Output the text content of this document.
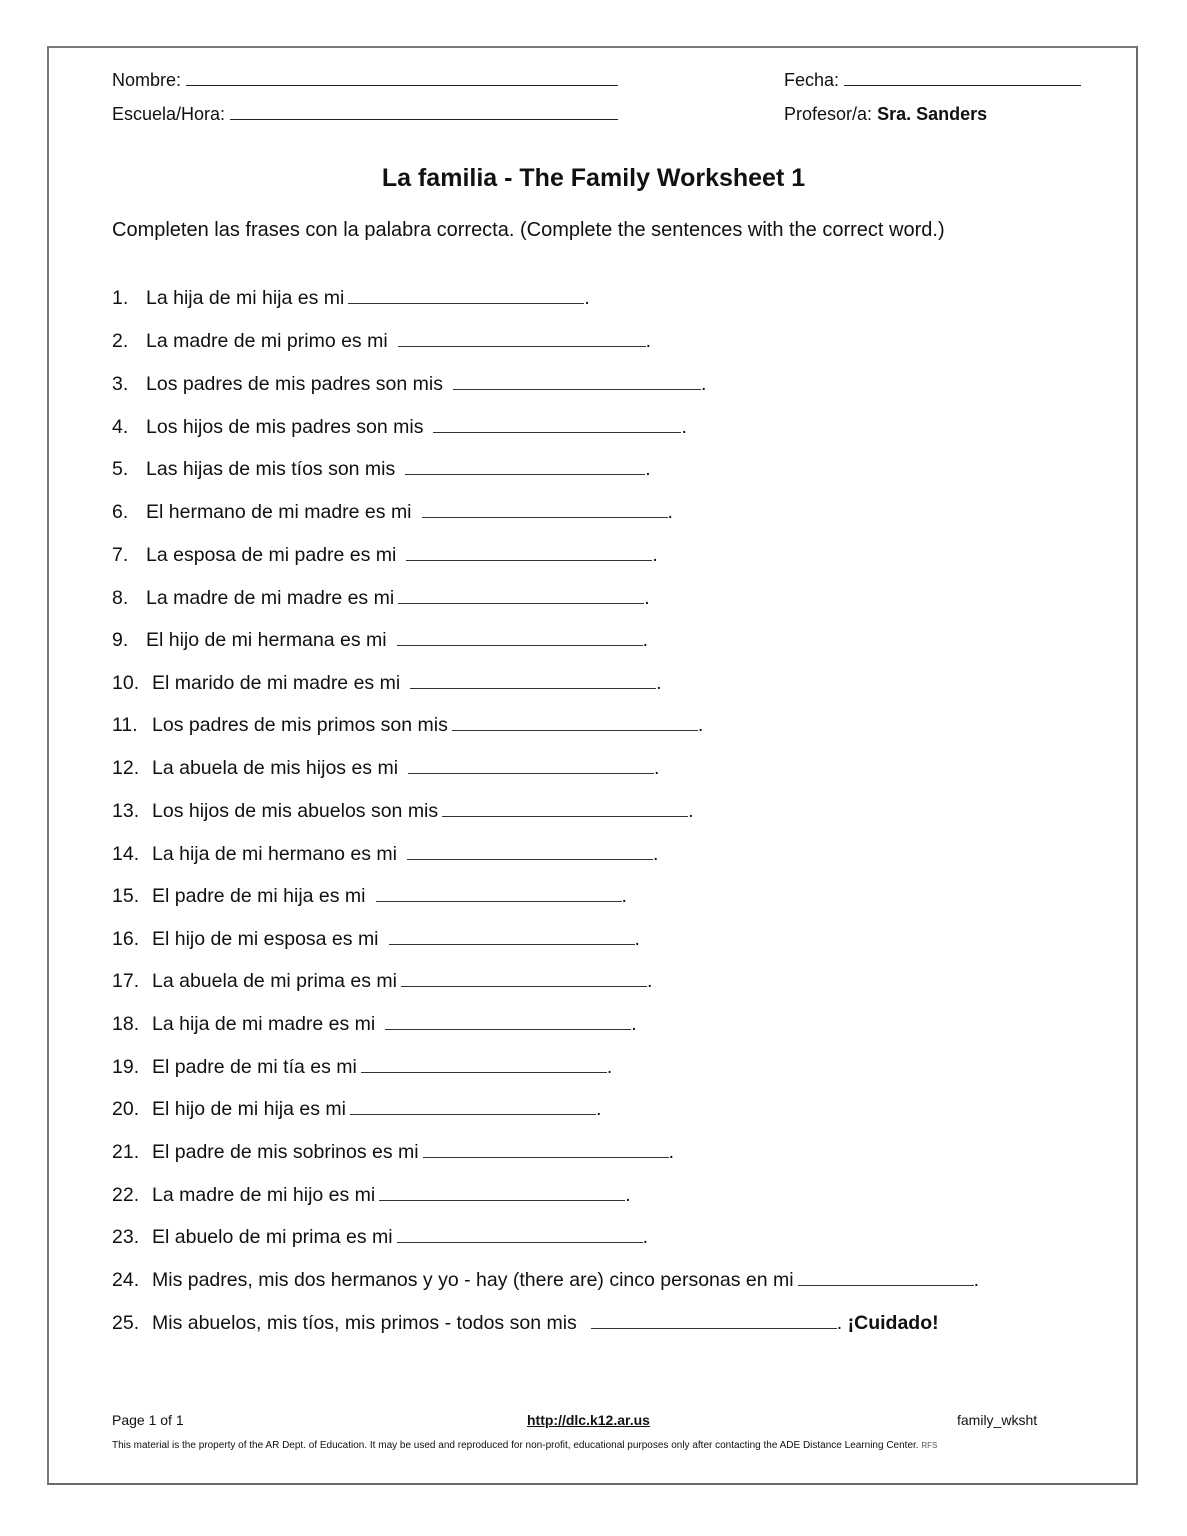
Nombre:
Escuela/Hora:
Fecha:
Profesor/a: Sra. Sanders
La familia - The Family Worksheet 1
Completen las frases con la palabra correcta. (Complete the sentences with the correct word.)
1. La hija de mi hija es mi	.
2. La madre de mi primo es mi	.
3. Los padres de mis padres son mis	.
4. Los hijos de mis padres son mis	.
5. Las hijas de mis tíos son mis	.
6. El hermano de mi madre es mi	.
7. La esposa de mi padre es mi	.
8. La madre de mi madre es mi	.
9. El hijo de mi hermana es mi	.
10. El marido de mi madre es mi	.
11. Los padres de mis primos son mis	.
12. La abuela de mis hijos es mi	.
13. Los hijos de mis abuelos son mis	.
14. La hija de mi hermano es mi	.
15. El padre de mi hija es mi	.
16. El hijo de mi esposa es mi	.
17. La abuela de mi prima es mi	.
18. La hija de mi madre es mi	.
19. El padre de mi tía es mi	.
20. El hijo de mi hija es mi	.
21. El padre de mis sobrinos es mi	.
22. La madre de mi hijo es mi	.
23. El abuelo de mi prima es mi	.
24. Mis padres, mis dos hermanos y yo - hay (there are) cinco personas en mi	.
25. Mis abuelos, mis tíos, mis primos - todos son mis	. ¡Cuidado!
Page 1 of 1	http://dlc.k12.ar.us	family_wksht
This material is the property of the AR Dept. of Education. It may be used and reproduced for non-profit, educational purposes only after contacting the ADE Distance Learning Center. RFS
